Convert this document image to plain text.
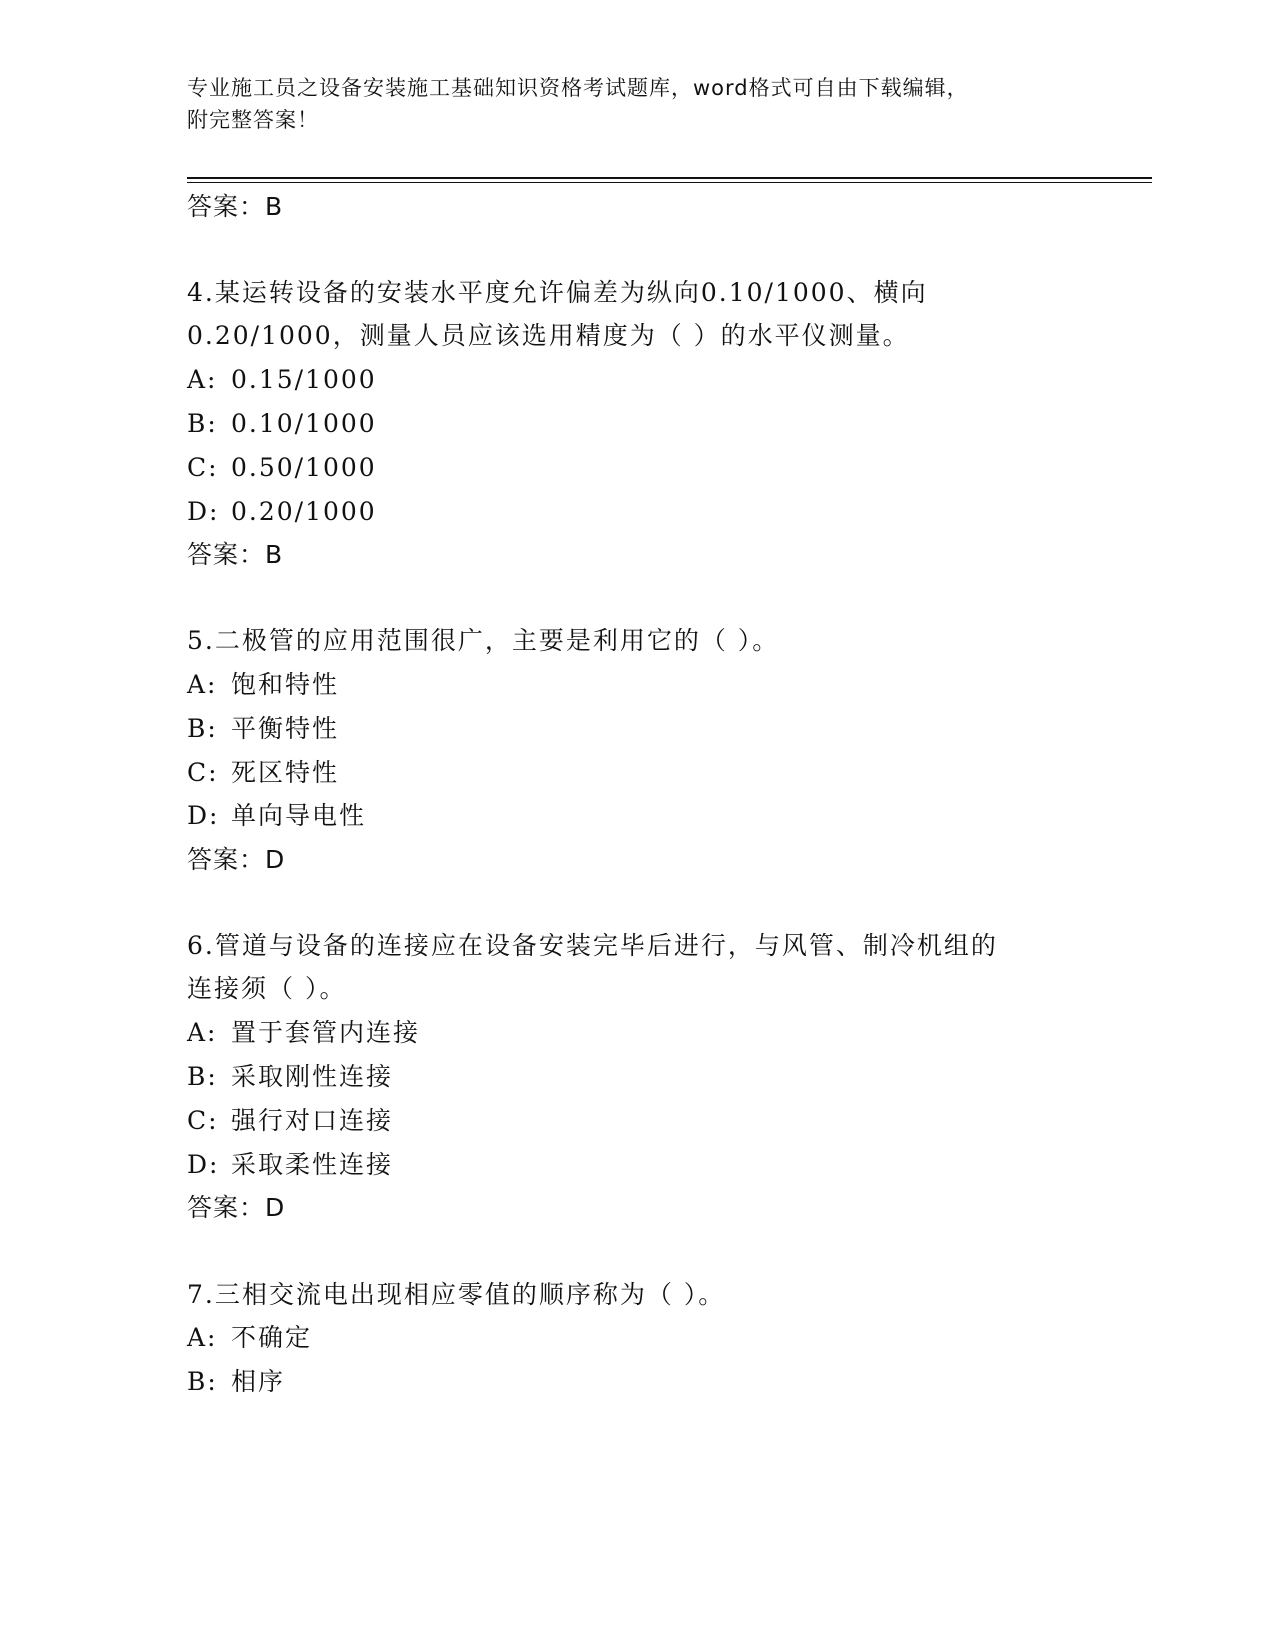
专业施工员之设备安装施工基础知识资格考试题库，word格式可自由下载编辑，
附完整答案！
答案：B
4.某运转设备的安装水平度允许偏差为纵向0.10/1000、横向
0.20/1000，测量人员应该选用精度为（ ）的水平仪测量。
A: 0.15/1000
B: 0.10/1000
C: 0.50/1000
D: 0.20/1000
答案：B
5.二极管的应用范围很广，主要是利用它的（ ）。
A: 饱和特性
B: 平衡特性
C: 死区特性
D: 单向导电性
答案：D
6.管道与设备的连接应在设备安装完毕后进行，与风管、制冷机组的
连接须（ ）。
A: 置于套管内连接
B: 采取刚性连接
C: 强行对口连接
D: 采取柔性连接
答案：D
7.三相交流电出现相应零值的顺序称为（ ）。
A: 不确定
B: 相序
